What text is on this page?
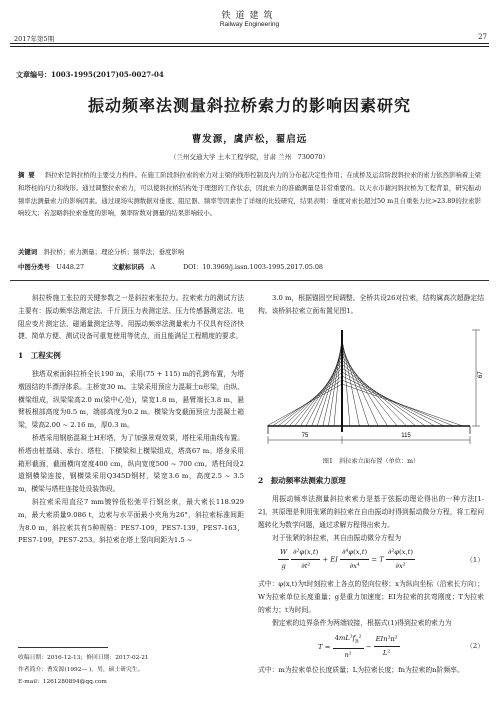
铁道建筑
Railway Engineering
2017年第5期	27
文章编号：1003-1995(2017)05-0027-04
振动频率法测量斜拉桥索力的影响因素研究
曹发源，虞庐松，翟启远
（兰州交通大学 土木工程学院，甘肃 兰州　730070）
摘要 斜拉索是斜拉桥的主要受力构件。在施工阶段斜拉索的索力对主梁的线形控制及内力的分布起决定性作用；在成桥及运营阶段斜拉索的索力依然影响着主梁和塔柱的内力和线形。通过调整拉索索力，可以使斜拉桥结构处于理想的工作状态，因此索力的准确测量是非常重要的。以天水市藉河斜拉桥为工程背景，研究振动频率法测量索力的影响因素。通过现场实测数据对垂度、阻尼器、频率等因素作了详细的比较研究，结果表明：垂度对索长超过50 m且自重张力比>23.89的拉索影响较大；若忽略斜拉索垂度的影响，频率阶数对测量的结果影响较小。
关键词　 斜拉桥；索力测量；理论分析；频率法；垂度影响
中图分类号　 U448.27	文献标识码　 A	DOI：10.3969/j.issn.1003-1995.2017.05.08

斜拉桥施工张拉的关键参数之一是斜拉索张拉力。拉索索力的测试方法主要有：振动频率法测定法、千斤顶压力表测定法、压力传感器测定法、电阻应变片测定法、磁通量测定法等。用振动频率法测量索力不仅具有经济快捷、简单方便、测试设备可重复使用等优点，而且能满足工程精度的要求。

1　工程实例

独塔双索面斜拉桥全长190 m，采用(75 + 115) m的孔跨布置，为塔墩固结的半漂浮体系。主桥宽30 m。主梁采用预应力混凝土π形梁，由纵、横梁组成，纵梁梁高2.0 m(梁中心处)，梁宽1.8 m，悬臂端长3.8 m，悬臂板根部高度为0.5 m，端部高度为0.2 m。横梁为变截面预应力混凝土箱梁，梁高2.00 ~ 2.16 m，厚0.3 m。

桥塔采用钢筋混凝土H形塔，为了加强景观效果，塔柱采用曲线布置。桥塔由桩基础、承台、塔柱、下横梁和上横梁组成，塔高67 m。塔身采用箱形截面，截面横向宽度400 cm，纵向宽度500 ~ 700 cm。塔柱间设2道钢横梁连接，钢横梁采用Q345D钢材，梁宽3.6 m，高度2.5 ~ 3.5 m，横梁与塔柱连接处设装饰段。

斜拉索采用直径7 mm镀锌低松弛平行钢丝束，最大索长118.929 m，最大索质量9.086 t，边索与水平面最小夹角为26°，斜拉索标准间距为8.0 m，斜拉索共有5种规格：PES7-109，PES7-139，PES7-163，PES7-199，PES7-253。斜拉索在塔上竖向间距为1.5 ~

3.0 m，根据锚固空间调整。全桥共设26对拉索，结构属高次超静定结构。该桥斜拉索立面布置见图1。

75	115
67
图1　斜拉索立面布置（单位：m）
2　振动频率法测索力原理

用振动频率法测量斜拉索索力是基于弦振动理论得出的一种方法[1-2]，其原理是利用张紧的斜拉索在自由振动时得到振动微分方程，将工程问题转化为数学问题，通过求解方程得出索力。

对于张紧的斜拉索，其自由振动微分方程为

$\frac{W}{g}$
$\frac{\text{∂²φ(x,t)}}{\text{∂t²}}$ + EI $\frac{\text{∂⁴φ(x,t)}}{\text{∂x⁴}} = T \frac{\text{∂²φ(x,t)}}{\text{∂x²}}$	（1）

式中：φ(x,t)为t时刻拉索上各点的竖向位移；x为纵向坐标（沿索长方向）；W为拉索单位长度重量；g是重力加速度；EI为拉索的抗弯刚度；T为拉索的索力；t为时间。

假定索的边界条件为两端铰接，根据式(1)得到拉索的索力为

$T = \frac{4mL^2f_n^2}{\text{n²}} - \frac{\text{EIn²π²}}{\text{L²}}$	（2）

式中：m为拉索单位长度质量；L为拉索长度；fn为拉索的n阶频率。

收稿日期：2016-12-13；修回日期：2017-02-21
作者简介：曹发源(1992— )，男，硕士研究生。
E-mail：1261280894@qq.com
